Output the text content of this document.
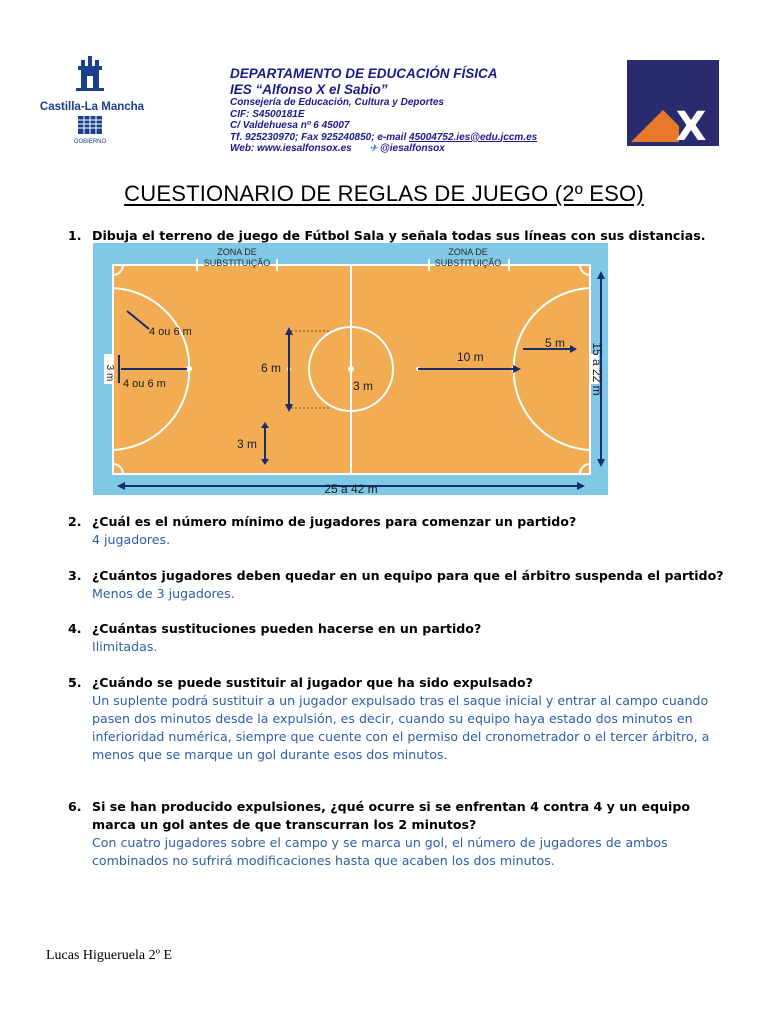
Castilla-La Mancha
GOBIERNO
DEPARTAMENTO DE EDUCACIÓN FÍSICA
IES “Alfonso X el Sabio”
Consejería de Educación, Cultura y Deportes
CIF: S4500181E
C/ Valdehuesa nº 6 45007
Tf. 925230970; Fax 925240850; e-mail 45004752.ies@edu.jccm.es
Web: www.iesalfonsox.es ✈ @iesalfonsox	X
CUESTIONARIO DE REGLAS DE JUEGO (2º ESO)
1. Dibuja el terreno de juego de Fútbol Sala y señala todas sus líneas con sus distancias.
ZONA DE
SUBSTITUIÇÃO
ZONA DE
SUBSTITUIÇÃO
4 ou 6 m
4 ou 6 m
3 m	6 m
3 m
10 m
5 m
3 m
15 a 22 m
25 a 42 m
2. ¿Cuál es el número mínimo de jugadores para comenzar un partido?
4 jugadores.
3. ¿Cuántos jugadores deben quedar en un equipo para que el árbitro suspenda el partido?
Menos de 3 jugadores.
4. ¿Cuántas sustituciones pueden hacerse en un partido?
Ilimitadas.
5. ¿Cuándo se puede sustituir al jugador que ha sido expulsado?
Un suplente podrá sustituir a un jugador expulsado tras el saque inicial y entrar al campo cuando pasen dos minutos desde la expulsión, es decir, cuando su equipo haya estado dos minutos en inferioridad numérica, siempre que cuente con el permiso del cronometrador o el tercer árbitro, a menos que se marque un gol durante esos dos minutos.
6. Si se han producido expulsiones, ¿qué ocurre si se enfrentan 4 contra 4 y un equipo marca un gol antes de que transcurran los 2 minutos?
Con cuatro jugadores sobre el campo y se marca un gol, el número de jugadores de ambos combinados no sufrirá modificaciones hasta que acaben los dos minutos.
Lucas Higueruela 2º E
